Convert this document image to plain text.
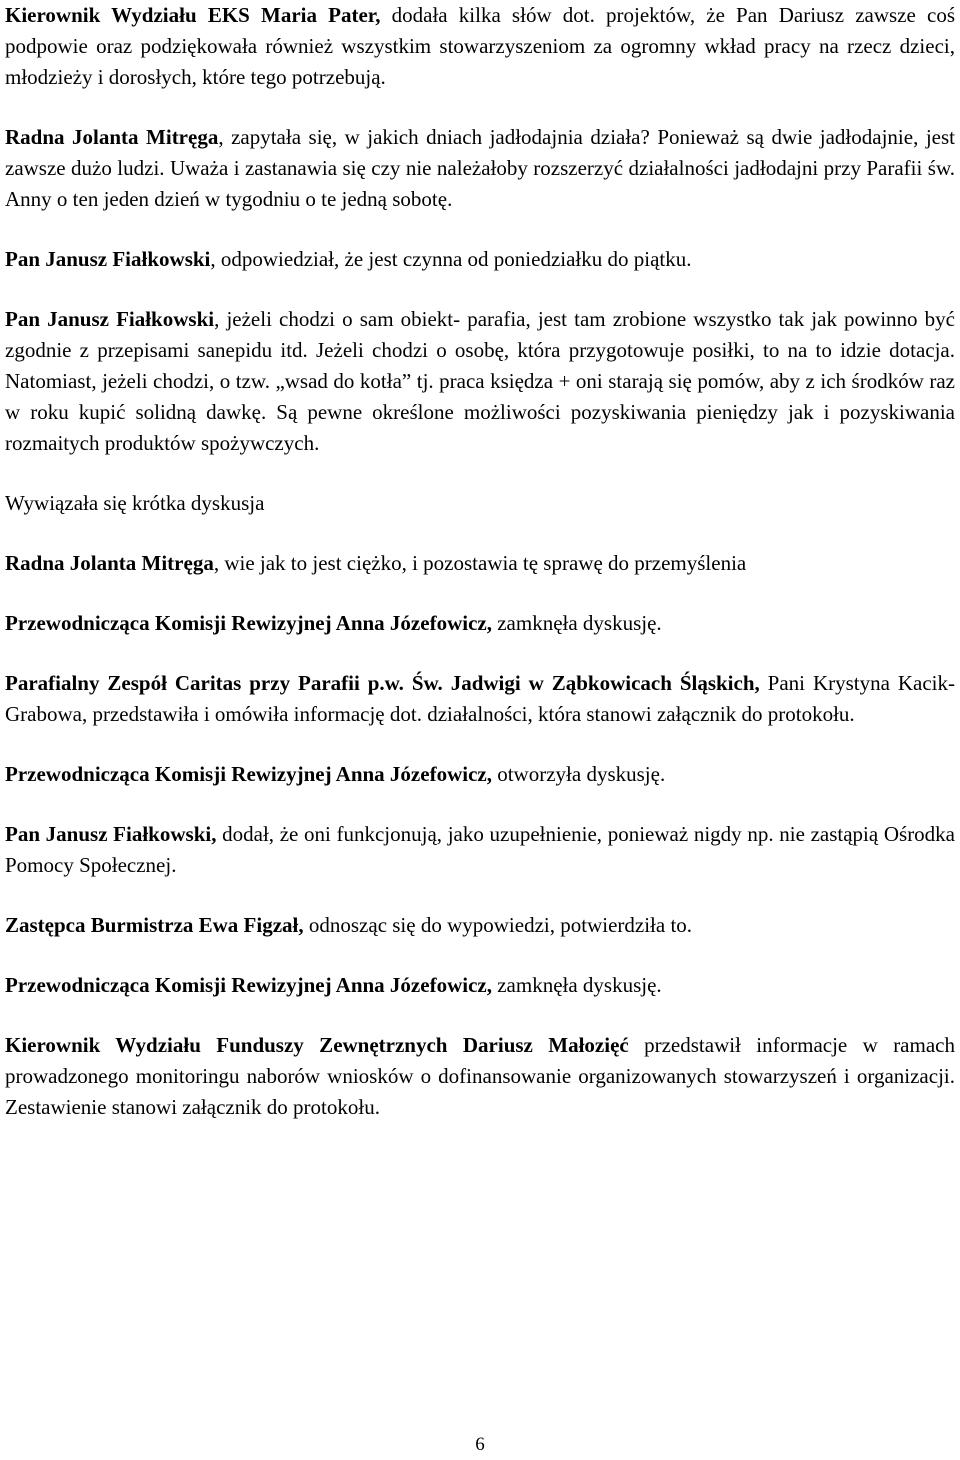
Kierownik Wydziału EKS Maria Pater, dodała kilka słów dot. projektów, że Pan Dariusz zawsze coś podpowie oraz podziękowała również wszystkim stowarzyszeniom za ogromny wkład pracy na rzecz dzieci, młodzieży i dorosłych, które tego potrzebują.

Radna Jolanta Mitręga, zapytała się, w jakich dniach jadłodajnia działa? Ponieważ są dwie jadłodajnie, jest zawsze dużo ludzi. Uważa i zastanawia się czy nie należałoby rozszerzyć działalności jadłodajni przy Parafii św. Anny o ten jeden dzień w tygodniu o te jedną sobotę.

Pan Janusz Fiałkowski, odpowiedział, że jest czynna od poniedziałku do piątku.

Pan Janusz Fiałkowski, jeżeli chodzi o sam obiekt- parafia, jest tam zrobione wszystko tak jak powinno być zgodnie z przepisami sanepidu itd. Jeżeli chodzi o osobę, która przygotowuje posiłki, to na to idzie dotacja. Natomiast, jeżeli chodzi, o tzw. „wsad do kotła” tj. praca księdza + oni starają się pomów, aby z ich środków raz w roku kupić solidną dawkę. Są pewne określone możliwości pozyskiwania pieniędzy jak i pozyskiwania rozmaitych produktów spożywczych.

Wywiązała się krótka dyskusja

Radna Jolanta Mitręga, wie jak to jest ciężko, i pozostawia tę sprawę do przemyślenia

Przewodnicząca Komisji Rewizyjnej Anna Józefowicz, zamknęła dyskusję.

Parafialny Zespół Caritas przy Parafii p.w. Św. Jadwigi w Ząbkowicach Śląskich, Pani Krystyna Kacik- Grabowa, przedstawiła i omówiła informację dot. działalności, która stanowi załącznik do protokołu.

Przewodnicząca Komisji Rewizyjnej Anna Józefowicz, otworzyła dyskusję.

Pan Janusz Fiałkowski, dodał, że oni funkcjonują, jako uzupełnienie, ponieważ nigdy np. nie zastąpią Ośrodka Pomocy Społecznej.

Zastępca Burmistrza Ewa Figzał, odnosząc się do wypowiedzi, potwierdziła to.

Przewodnicząca Komisji Rewizyjnej Anna Józefowicz, zamknęła dyskusję.

Kierownik Wydziału Funduszy Zewnętrznych Dariusz Małozięć przedstawił informacje w ramach prowadzonego monitoringu naborów wniosków o dofinansowanie organizowanych stowarzyszeń i organizacji. Zestawienie stanowi załącznik do protokołu.

6
